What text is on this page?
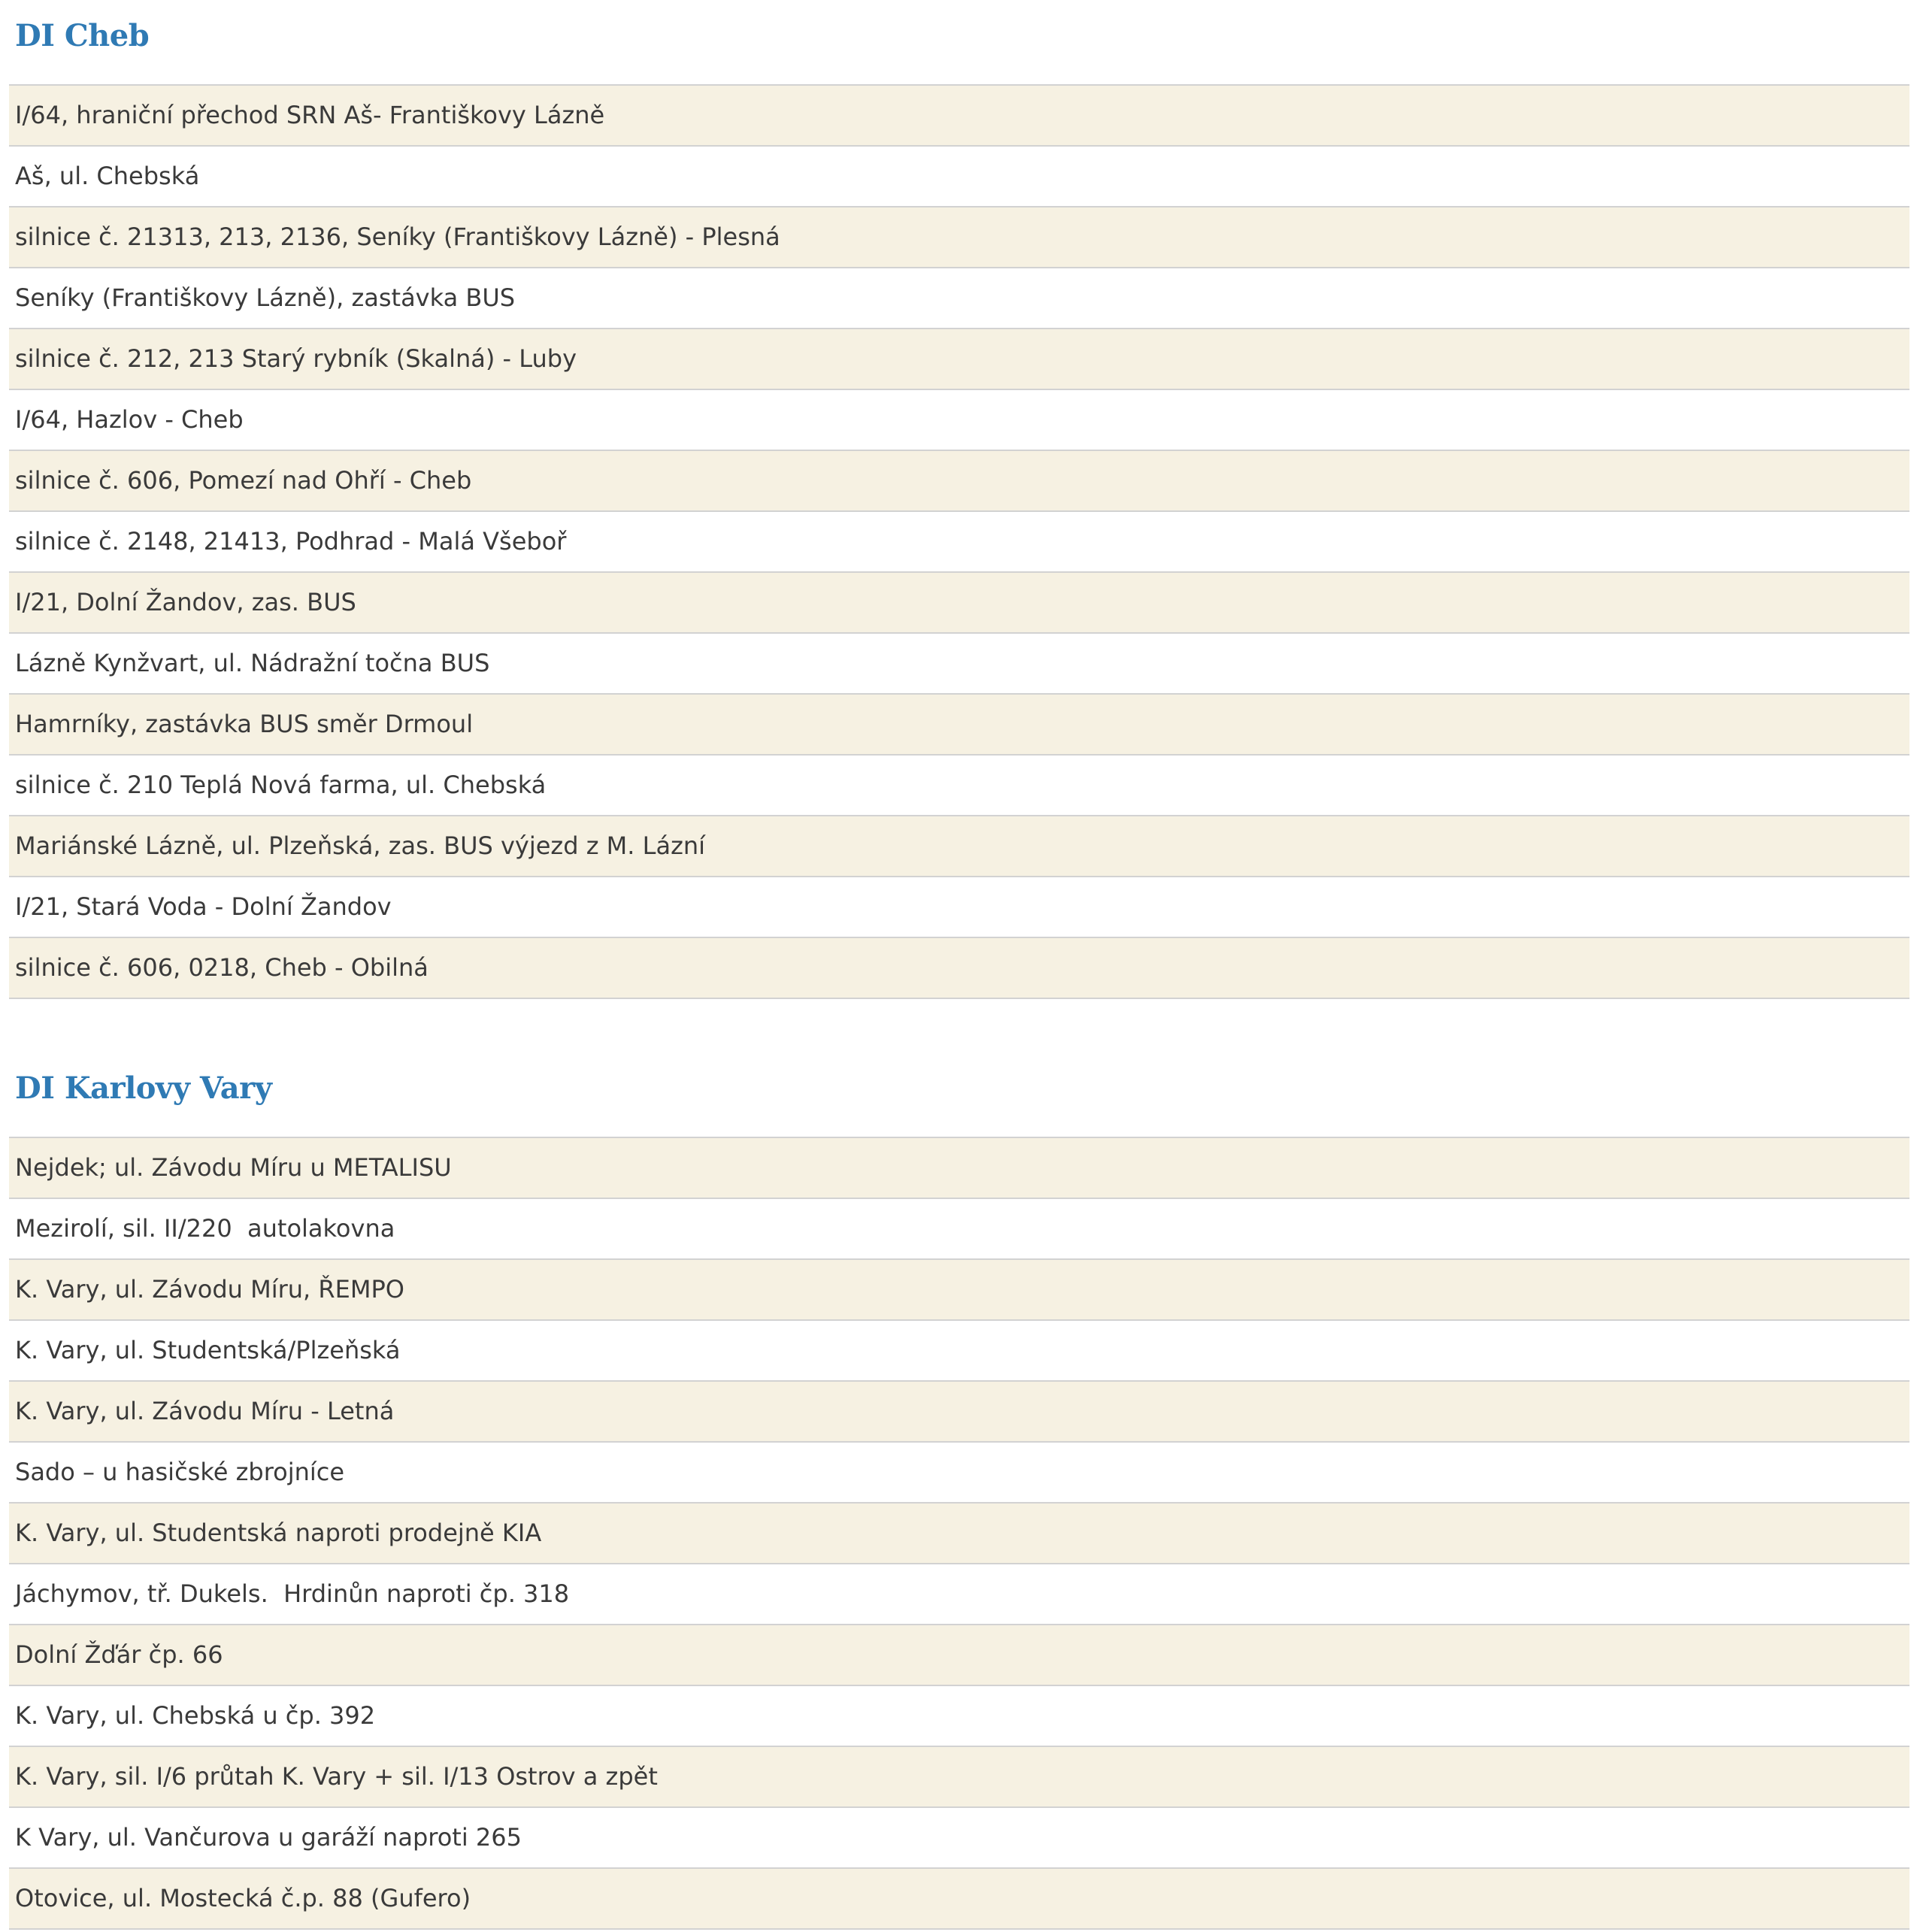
DI Cheb
I/64, hraniční přechod SRN Aš- Františkovy Lázně
Aš, ul. Chebská
silnice č. 21313, 213, 2136, Seníky (Františkovy Lázně) - Plesná
Seníky (Františkovy Lázně), zastávka BUS
silnice č. 212, 213 Starý rybník (Skalná) - Luby
I/64, Hazlov - Cheb
silnice č. 606, Pomezí nad Ohří - Cheb
silnice č. 2148, 21413, Podhrad - Malá Všeboř
I/21, Dolní Žandov, zas. BUS
Lázně Kynžvart, ul. Nádražní točna BUS
Hamrníky, zastávka BUS směr Drmoul
silnice č. 210 Teplá Nová farma, ul. Chebská
Mariánské Lázně, ul. Plzeňská, zas. BUS výjezd z M. Lázní
I/21, Stará Voda - Dolní Žandov
silnice č. 606, 0218, Cheb - Obilná
DI Karlovy Vary
Nejdek; ul. Závodu Míru u METALISU
Mezirolí, sil. II/220  autolakovna
K. Vary, ul. Závodu Míru, ŘEMPO
K. Vary, ul. Studentská/Plzeňská
K. Vary, ul. Závodu Míru - Letná
Sado – u hasičské zbrojníce
K. Vary, ul. Studentská naproti prodejně KIA
Jáchymov, tř. Dukels.  Hrdinůn naproti čp. 318
Dolní Žďár čp. 66
K. Vary, ul. Chebská u čp. 392
K. Vary, sil. I/6 průtah K. Vary + sil. I/13 Ostrov a zpět
K Vary, ul. Vančurova u garáží naproti 265
Otovice, ul. Mostecká č.p. 88 (Gufero)
